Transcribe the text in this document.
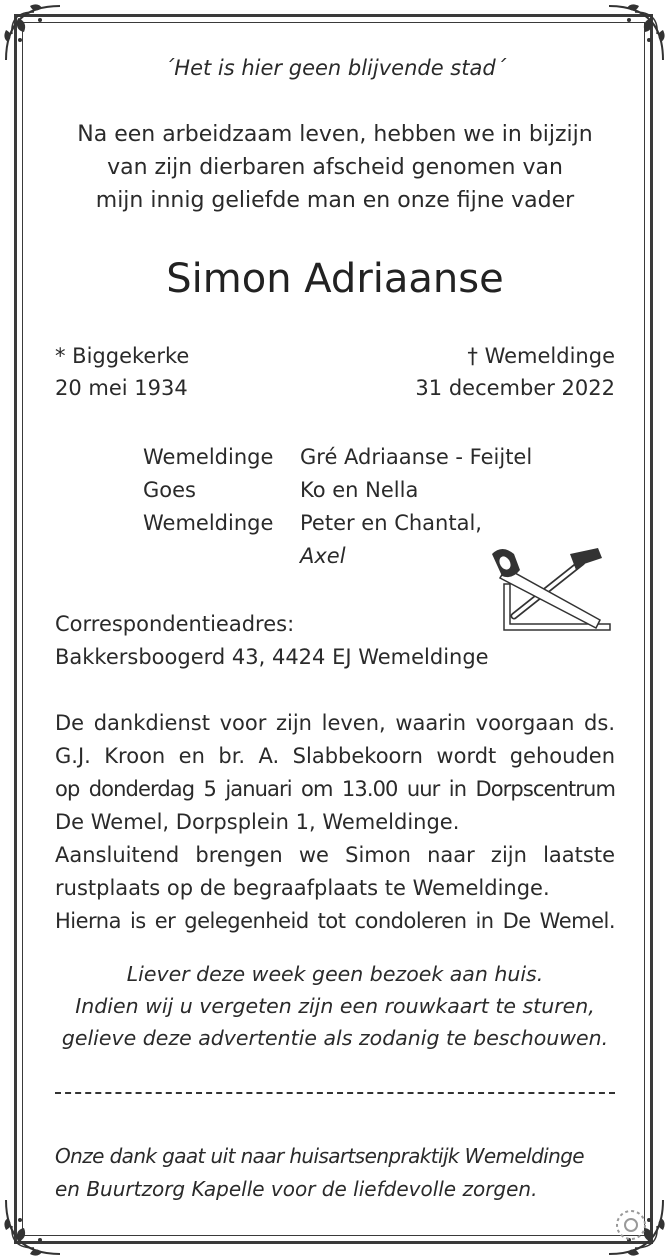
´Het is hier geen blijvende stad´
Na een arbeidzaam leven, hebben we in bijzijn
van zijn dierbaren afscheid genomen van
mijn innig geliefde man en onze fijne vader
Simon Adriaanse
* Biggekerke	† Wemeldinge
20 mei 1934	31 december 2022
Wemeldinge	Gré Adriaanse - Feijtel
Goes	Ko en Nella
Wemeldinge	Peter en Chantal,
Axel
Correspondentieadres:
Bakkersboogerd 43, 4424 EJ Wemeldinge
De dankdienst voor zijn leven, waarin voorgaan ds.
G.J. Kroon en br. A. Slabbekoorn wordt gehouden
op donderdag 5 januari om 13.00 uur in Dorpscentrum
De Wemel, Dorpsplein 1, Wemeldinge.
Aansluitend brengen we Simon naar zijn laatste
rustplaats op de begraafplaats te Wemeldinge.
Hierna is er gelegenheid tot condoleren in De Wemel.
Liever deze week geen bezoek aan huis.
Indien wij u vergeten zijn een rouwkaart te sturen,
gelieve deze advertentie als zodanig te beschouwen.
Onze dank gaat uit naar huisartsenpraktijk Wemeldinge
en Buurtzorg Kapelle voor de liefdevolle zorgen.
